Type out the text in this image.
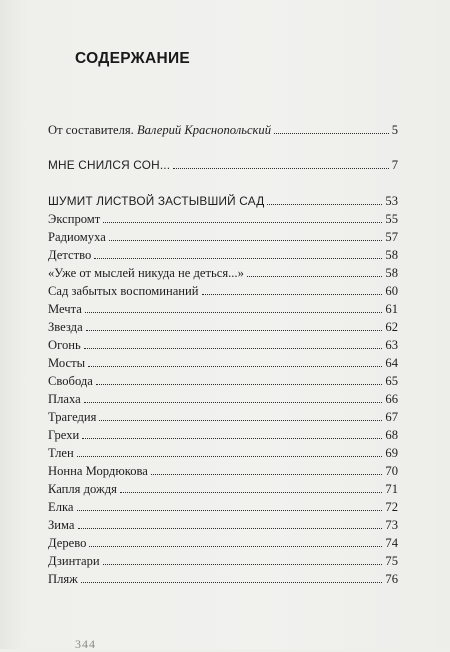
СОДЕРЖАНИЕ
От составителя. Валерий Краснопольский	5
МНЕ СНИЛСЯ СОН...	7
ШУМИТ ЛИСТВОЙ ЗАСТЫВШИЙ САД	53
Экспромт	55
Радиомуха	57
Детство	58
«Уже от мыслей никуда не деться...»	58
Сад забытых воспоминаний	60
Мечта	61
Звезда	62
Огонь	63
Мосты	64
Свобода	65
Плаха	66
Трагедия	67
Грехи	68
Тлен	69
Нонна Мордюкова	70
Капля дождя	71
Елка	72
Зима	73
Дерево	74
Дзинтари	75
Пляж	76
344
